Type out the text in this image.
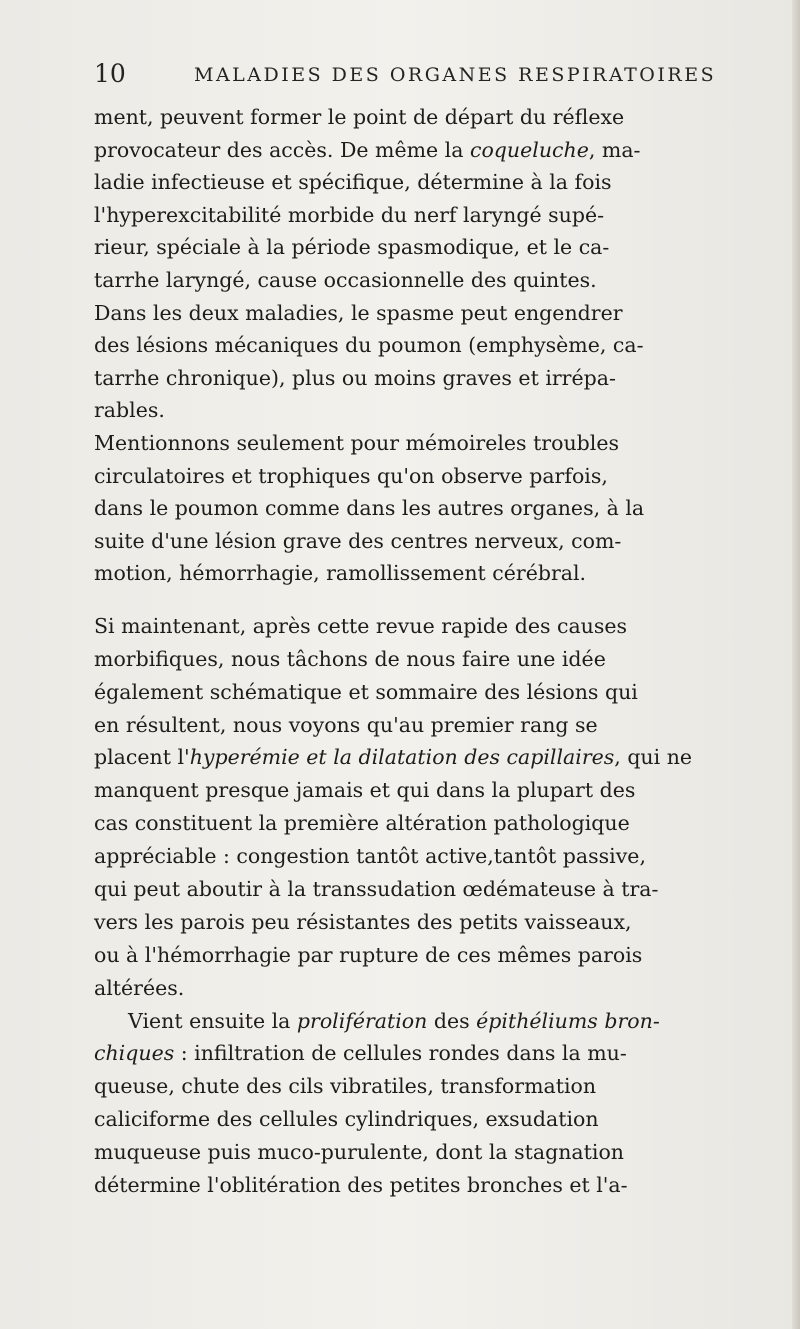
10	MALADIES DES ORGANES RESPIRATOIRES
ment, peuvent former le point de départ du réflexe
provocateur des accès. De même la coqueluche, ma-
ladie infectieuse et spécifique, détermine à la fois
l'hyperexcitabilité morbide du nerf laryngé supé-
rieur, spéciale à la période spasmodique, et le ca-
tarrhe laryngé, cause occasionnelle des quintes.
Dans les deux maladies, le spasme peut engendrer
des lésions mécaniques du poumon (emphysème, ca-
tarrhe chronique), plus ou moins graves et irrépa-
rables.
Mentionnons seulement pour mémoireles troubles
circulatoires et trophiques qu'on observe parfois,
dans le poumon comme dans les autres organes, à la
suite d'une lésion grave des centres nerveux, com-
motion, hémorrhagie, ramollissement cérébral.
Si maintenant, après cette revue rapide des causes
morbifiques, nous tâchons de nous faire une idée
également schématique et sommaire des lésions qui
en résultent, nous voyons qu'au premier rang se
placent l'hyperémie et la dilatation des capillaires, qui ne
manquent presque jamais et qui dans la plupart des
cas constituent la première altération pathologique
appréciable : congestion tantôt active,tantôt passive,
qui peut aboutir à la transsudation œdémateuse à tra-
vers les parois peu résistantes des petits vaisseaux,
ou à l'hémorrhagie par rupture de ces mêmes parois
altérées.
Vient ensuite la prolifération des épithéliums bron-
chiques : infiltration de cellules rondes dans la mu-
queuse, chute des cils vibratiles, transformation
caliciforme des cellules cylindriques, exsudation
muqueuse puis muco-purulente, dont la stagnation
détermine l'oblitération des petites bronches et l'a-
